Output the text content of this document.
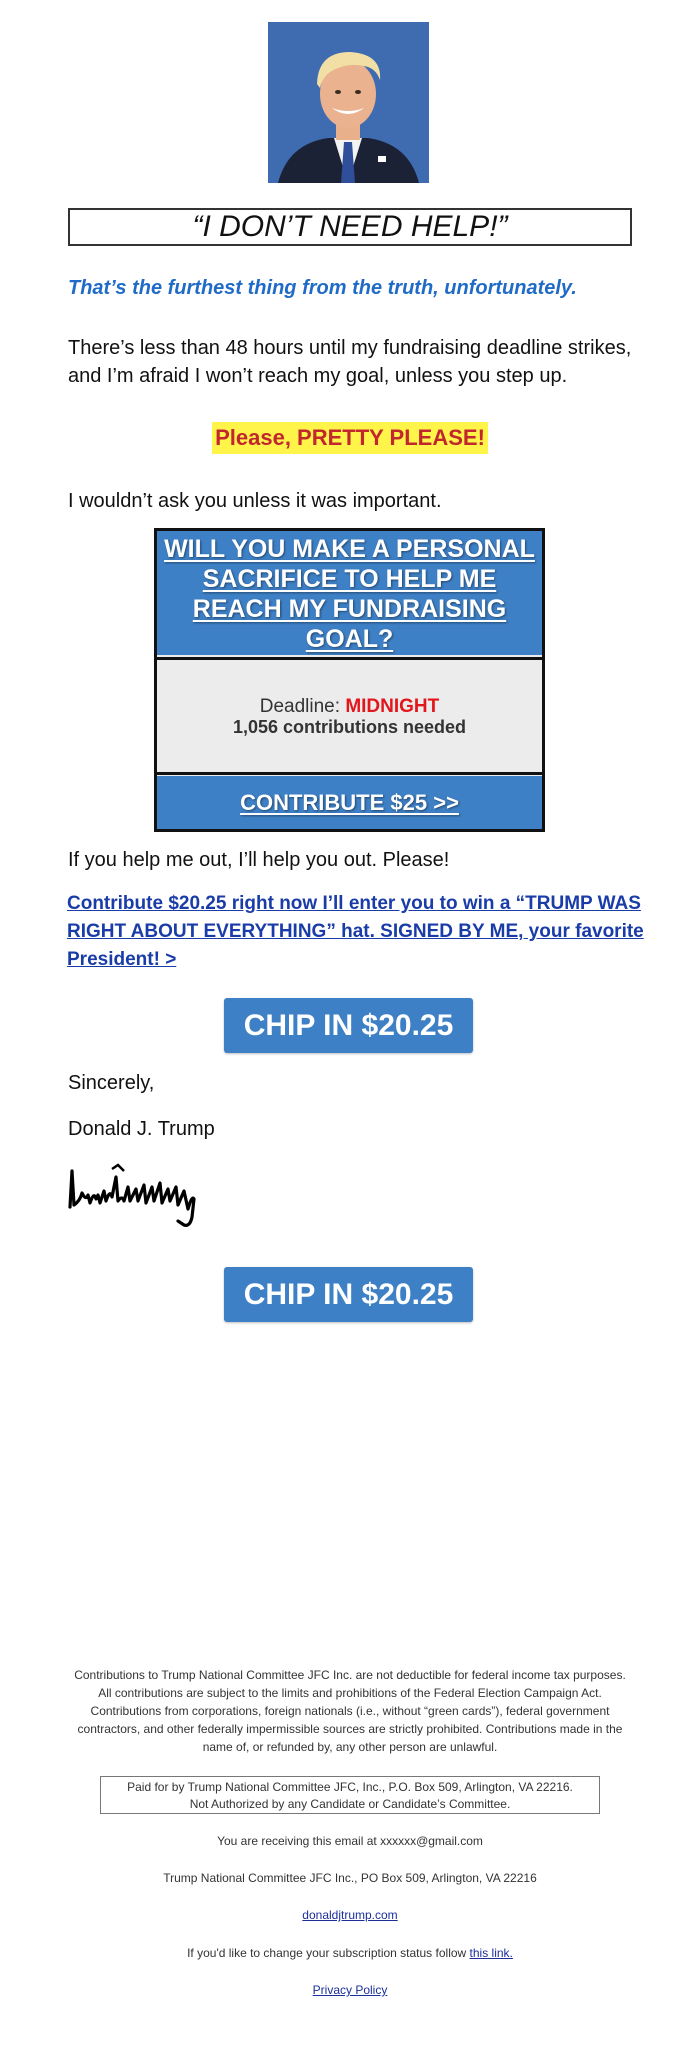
“I DON’T NEED HELP!”
That’s the furthest thing from the truth, unfortunately.
There’s less than 48 hours until my fundraising deadline strikes, and I’m afraid I won’t reach my goal, unless you step up.
Please, PRETTY PLEASE!
I wouldn’t ask you unless it was important.
WILL YOU MAKE A PERSONAL SACRIFICE TO HELP ME REACH MY FUNDRAISING GOAL?
Deadline: MIDNIGHT
1,056 contributions needed
CONTRIBUTE $25 >>
If you help me out, I’ll help you out. Please!
Contribute $20.25 right now I’ll enter you to win a “TRUMP WAS RIGHT ABOUT EVERYTHING” hat. SIGNED BY ME, your favorite President! >
CHIP IN $20.25
Sincerely,
Donald J. Trump
CHIP IN $20.25
Contributions to Trump National Committee JFC Inc. are not deductible for federal income tax purposes. All contributions are subject to the limits and prohibitions of the Federal Election Campaign Act. Contributions from corporations, foreign nationals (i.e., without “green cards”), federal government contractors, and other federally impermissible sources are strictly prohibited. Contributions made in the name of, or refunded by, any other person are unlawful.
Paid for by Trump National Committee JFC, Inc., P.O. Box 509, Arlington, VA 22216.
Not Authorized by any Candidate or Candidate’s Committee.
You are receiving this email at xxxxxx@gmail.com
Trump National Committee JFC Inc., PO Box 509, Arlington, VA 22216
donaldjtrump.com
If you'd like to change your subscription status follow this link.
Privacy Policy
